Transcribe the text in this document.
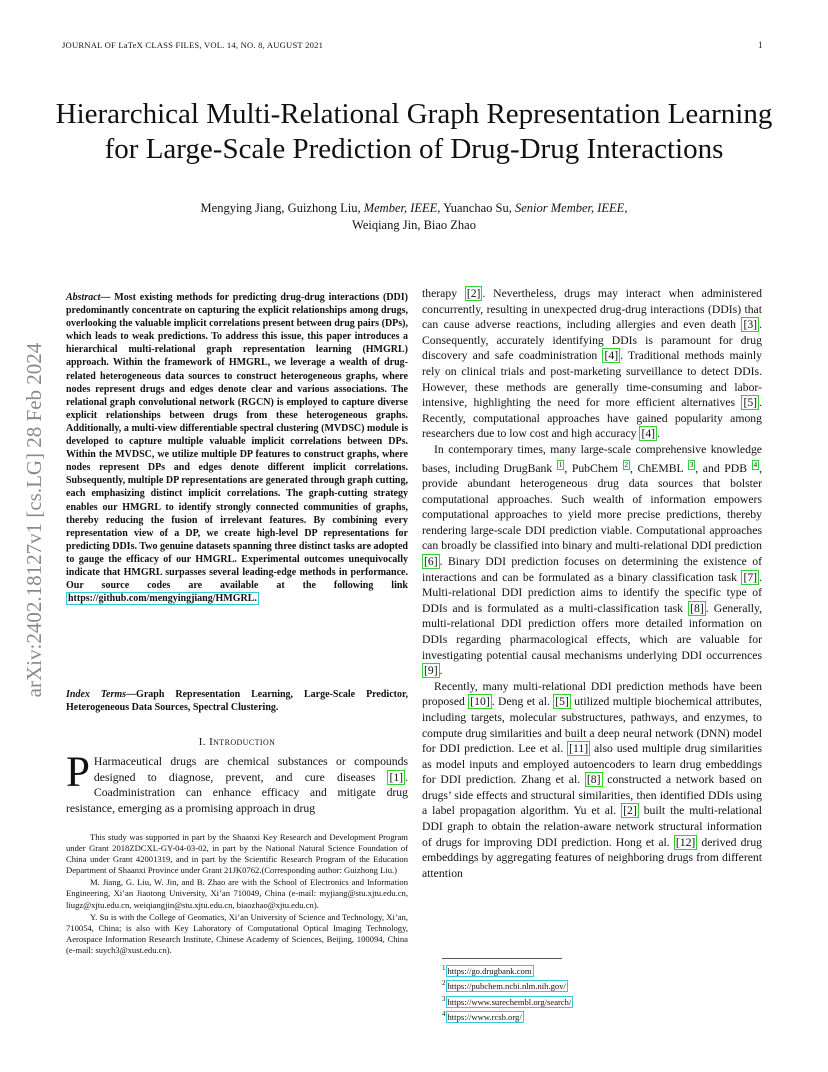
JOURNAL OF LaTeX CLASS FILES, VOL. 14, NO. 8, AUGUST 2021	1
arXiv:2402.18127v1 [cs.LG] 28 Feb 2024
Hierarchical Multi-Relational Graph Representation Learning for Large-Scale Prediction of Drug-Drug Interactions
Mengying Jiang, Guizhong Liu, Member, IEEE, Yuanchao Su, Senior Member, IEEE,
Weiqiang Jin, Biao Zhao
Abstract— Most existing methods for predicting drug-drug interactions (DDI) predominantly concentrate on capturing the explicit relationships among drugs, overlooking the valuable implicit correlations present between drug pairs (DPs), which leads to weak predictions. To address this issue, this paper introduces a hierarchical multi-relational graph representation learning (HMGRL) approach. Within the framework of HMGRL, we leverage a wealth of drug-related heterogeneous data sources to construct heterogeneous graphs, where nodes represent drugs and edges denote clear and various associations. The relational graph convolutional network (RGCN) is employed to capture diverse explicit relationships between drugs from these heterogeneous graphs. Additionally, a multi-view differentiable spectral clustering (MVDSC) module is developed to capture multiple valuable implicit correlations between DPs. Within the MVDSC, we utilize multiple DP features to construct graphs, where nodes represent DPs and edges denote different implicit correlations. Subsequently, multiple DP representations are generated through graph cutting, each emphasizing distinct implicit correlations. The graph-cutting strategy enables our HMGRL to identify strongly connected communities of graphs, thereby reducing the fusion of irrelevant features. By combining every representation view of a DP, we create high-level DP representations for predicting DDIs. Two genuine datasets spanning three distinct tasks are adopted to gauge the efficacy of our HMGRL. Experimental outcomes unequivocally indicate that HMGRL surpasses several leading-edge methods in performance. Our source codes are available at the following link https://github.com/mengyingjiang/HMGRL.
Index Terms—Graph Representation Learning, Large-Scale Predictor, Heterogeneous Data Sources, Spectral Clustering.
I. Introduction
P Harmaceutical drugs are chemical substances or compounds designed to diagnose, prevent, and cure diseases [1] . Coadministration can enhance efficacy and mitigate drug resistance, emerging as a promising approach in drug

This study was supported in part by the Shaanxi Key Research and Development Program under Grant 2018ZDCXL-GY-04-03-02, in part by the National Natural Science Foundation of China under Grant 42001319, and in part by the Scientific Research Program of the Education Department of Shaanxi Province under Grant 21JK0762.(Corresponding author: Guizhong Liu.)

M. Jiang, G. Liu, W. Jin, and B. Zhao are with the School of Electronics and Information Engineering, Xi’an Jiaotong University, Xi’an 710049, China (e-mail: myjiang@stu.xjtu.edu.cn, liugz@xjtu.edu.cn, weiqiangjin@stu.xjtu.edu.cn, biaozhao@xjtu.edu.cn).

Y. Su is with the College of Geomatics, Xi’an University of Science and Technology, Xi’an, 710054, China; is also with Key Laboratory of Computational Optical Imaging Technology, Aerospace Information Research Institute, Chinese Academy of Sciences, Beijing, 100094, China (e-mail: suych3@xust.edu.cn).

therapy [2] . Nevertheless, drugs may interact when administered concurrently, resulting in unexpected drug-drug interactions (DDIs) that can cause adverse reactions, including allergies and even death [3] . Consequently, accurately identifying DDIs is paramount for drug discovery and safe coadministration [4] . Traditional methods mainly rely on clinical trials and post-marketing surveillance to detect DDIs. However, these methods are generally time-consuming and labor-intensive, highlighting the need for more efficient alternatives [5] . Recently, computational approaches have gained popularity among researchers due to low cost and high accuracy [4] .

In contemporary times, many large-scale comprehensive knowledge bases, including DrugBank $^1$ , PubChem $^2$ , ChEMBL $^3$ , and PDB $^4$ , provide abundant heterogeneous drug data sources that bolster computational approaches. Such wealth of information empowers computational approaches to yield more precise predictions, thereby rendering large-scale DDI prediction viable. Computational approaches can broadly be classified into binary and multi-relational DDI prediction [6] . Binary DDI prediction focuses on determining the existence of interactions and can be formulated as a binary classification task [7] . Multi-relational DDI prediction aims to identify the specific type of DDIs and is formulated as a multi-classification task [8] . Generally, multi-relational DDI prediction offers more detailed information on DDIs regarding pharmacological effects, which are valuable for investigating potential causal mechanisms underlying DDI occurrences [9] .

Recently, many multi-relational DDI prediction methods have been proposed [10] . Deng et al. [5] utilized multiple biochemical attributes, including targets, molecular substructures, pathways, and enzymes, to compute drug similarities and built a deep neural network (DNN) model for DDI prediction. Lee et al. [11] also used multiple drug similarities as model inputs and employed autoencoders to learn drug embeddings for DDI prediction. Zhang et al. [8] constructed a network based on drugs’ side effects and structural similarities, then identified DDIs using a label propagation algorithm. Yu et al. [2] built the multi-relational DDI graph to obtain the relation-aware network structural information of drugs for improving DDI prediction. Hong et al. [12] derived drug embeddings by aggregating features of neighboring drugs from different attention

$^1$ https://go.drugbank.com
$^2$ https://pubchem.ncbi.nlm.nih.gov/
$^3$ https://www.surechembl.org/search/
$^4$ https://www.rcsb.org/
